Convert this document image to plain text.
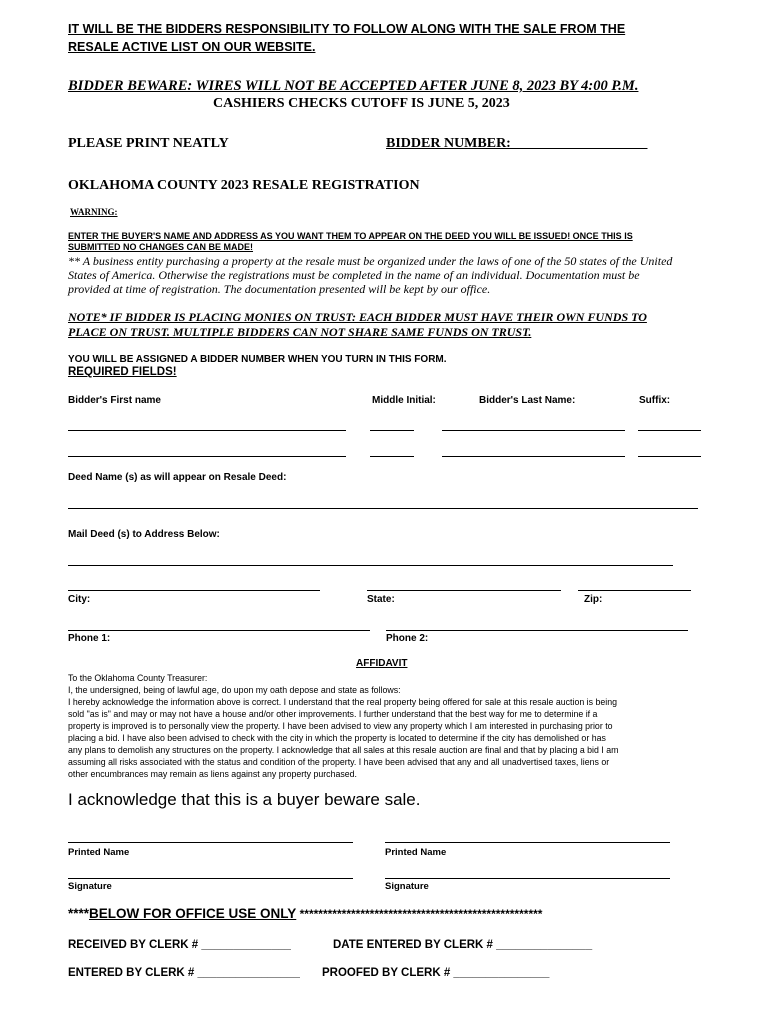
IT WILL BE THE BIDDERS RESPONSIBILITY TO FOLLOW ALONG WITH THE SALE FROM THE
RESALE ACTIVE LIST ON OUR WEBSITE.
BIDDER BEWARE: WIRES WILL NOT BE ACCEPTED AFTER JUNE 8, 2023 BY 4:00 P.M.
CASHIERS CHECKS CUTOFF IS JUNE 5, 2023
PLEASE PRINT NEATLY	BIDDER NUMBER: ___________________
OKLAHOMA COUNTY 2023 RESALE REGISTRATION
WARNING:
ENTER THE BUYER'S NAME AND ADDRESS AS YOU WANT THEM TO APPEAR ON THE DEED YOU WILL BE ISSUED! ONCE THIS IS
SUBMITTED NO CHANGES CAN BE MADE!
** A business entity purchasing a property at the resale must be organized under the laws of one of the 50 states of the United
States of America. Otherwise the registrations must be completed in the name of an individual. Documentation must be
provided at time of registration. The documentation presented will be kept by our office.
NOTE* IF BIDDER IS PLACING MONIES ON TRUST: EACH BIDDER MUST HAVE THEIR OWN FUNDS TO
PLACE ON TRUST. MULTIPLE BIDDERS CAN NOT SHARE SAME FUNDS ON TRUST.
YOU WILL BE ASSIGNED A BIDDER NUMBER WHEN YOU TURN IN THIS FORM.
REQUIRED FIELDS!
Bidder's First name	Middle Initial:	Bidder's Last Name:	Suffix:
Deed Name (s) as will appear on Resale Deed:
Mail Deed (s) to Address Below:
City:	State:	Zip:
Phone 1:	Phone 2:
AFFIDAVIT
To the Oklahoma County Treasurer:
I, the undersigned, being of lawful age, do upon my oath depose and state as follows:
I hereby acknowledge the information above is correct. I understand that the real property being offered for sale at this resale auction is being
sold "as is" and may or may not have a house and/or other improvements. I further understand that the best way for me to determine if a
property is improved is to personally view the property. I have been advised to view any property which I am interested in purchasing prior to
placing a bid. I have also been advised to check with the city in which the property is located to determine if the city has demolished or has
any plans to demolish any structures on the property. I acknowledge that all sales at this resale auction are final and that by placing a bid I am
assuming all risks associated with the status and condition of the property. I have been advised that any and all unadvertised taxes, liens or
other encumbrances may remain as liens against any property purchased.
I acknowledge that this is a buyer beware sale.
Printed Name	Printed Name
Signature	Signature
****BELOW FOR OFFICE USE ONLY ****************************************************
RECEIVED BY CLERK # ______________	DATE ENTERED BY CLERK # _______________
ENTERED BY CLERK # ________________ PROOFED BY CLERK # _______________
